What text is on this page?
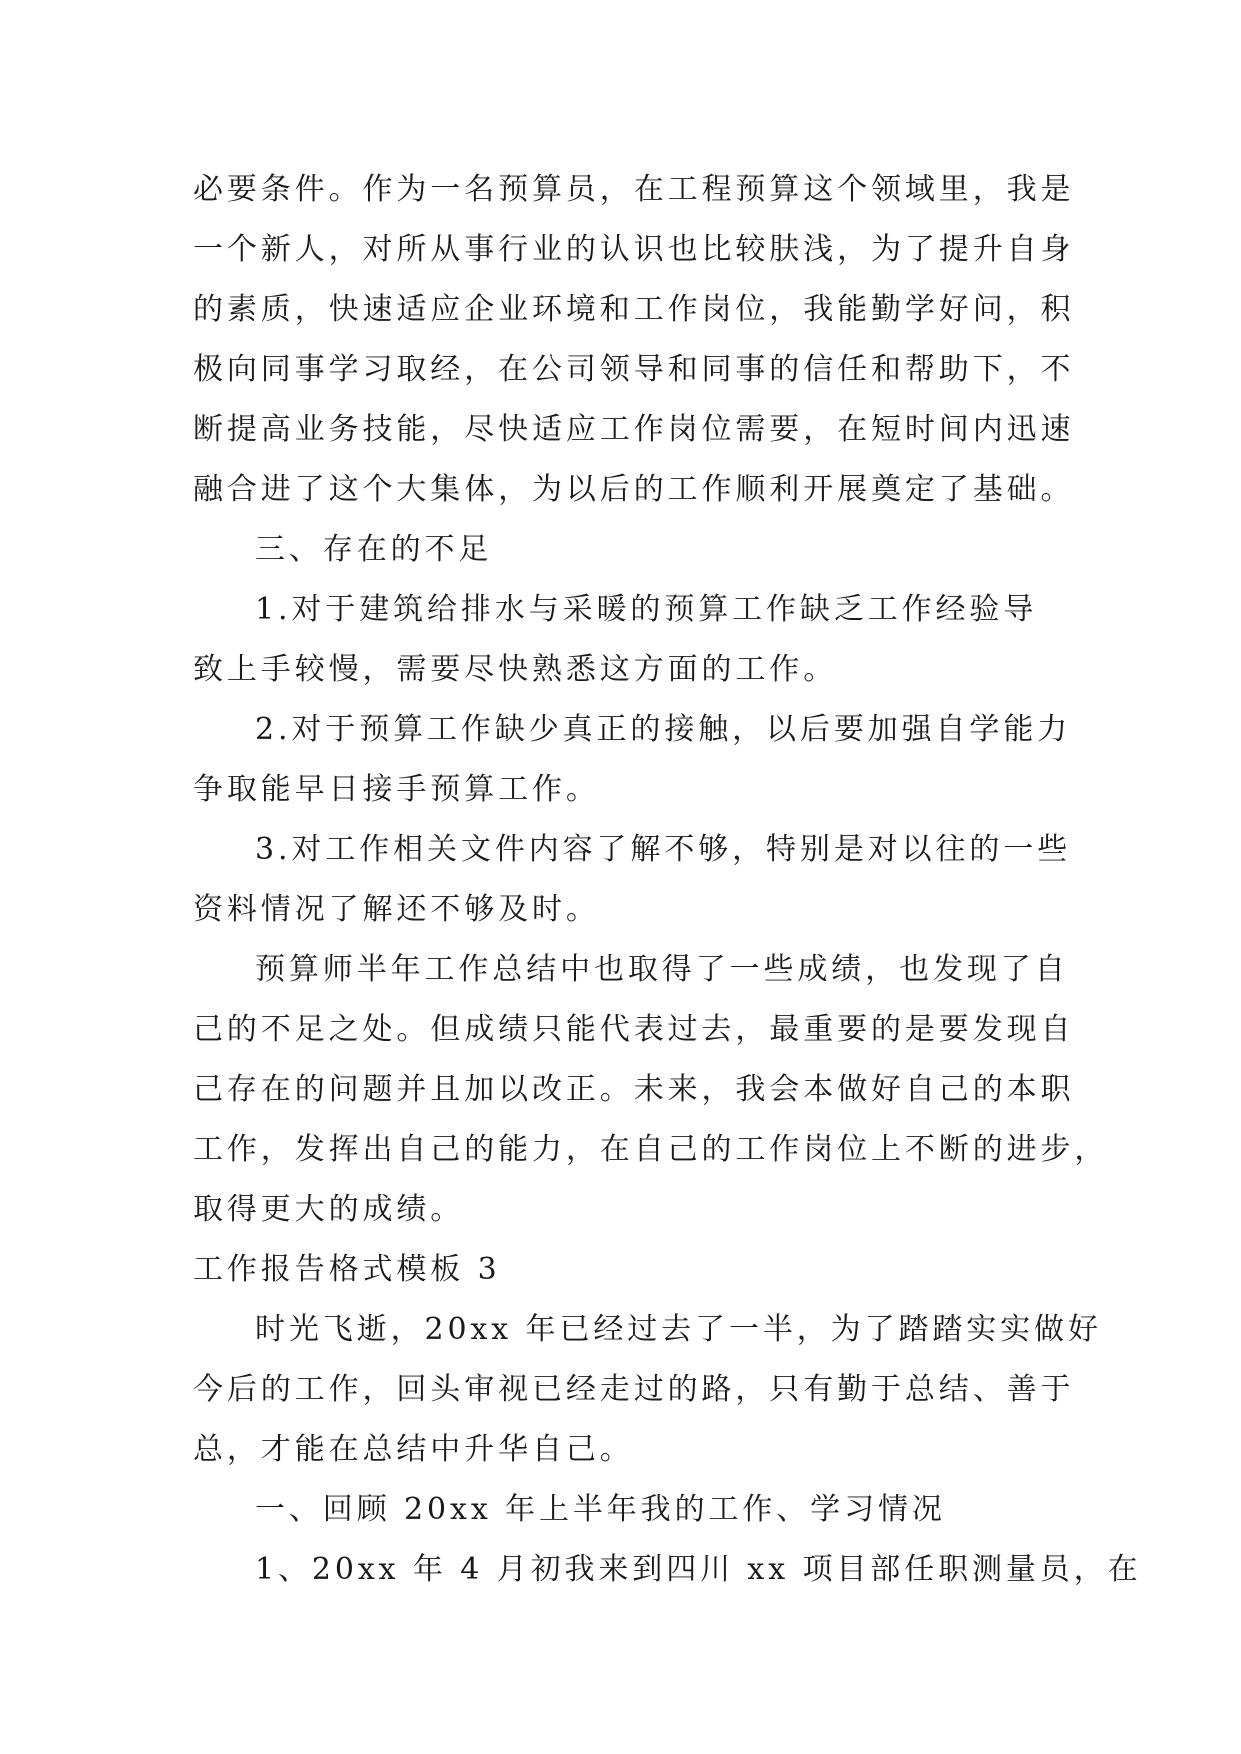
必要条件。作为一名预算员，在工程预算这个领域里，我是
一个新人，对所从事行业的认识也比较肤浅，为了提升自身
的素质，快速适应企业环境和工作岗位，我能勤学好问，积
极向同事学习取经，在公司领导和同事的信任和帮助下，不
断提高业务技能，尽快适应工作岗位需要，在短时间内迅速
融合进了这个大集体，为以后的工作顺利开展奠定了基础。
三、存在的不足
1.对于建筑给排水与采暖的预算工作缺乏工作经验导
致上手较慢，需要尽快熟悉这方面的工作。
2.对于预算工作缺少真正的接触，以后要加强自学能力
争取能早日接手预算工作。
3.对工作相关文件内容了解不够，特别是对以往的一些
资料情况了解还不够及时。
预算师半年工作总结中也取得了一些成绩，也发现了自
己的不足之处。但成绩只能代表过去，最重要的是要发现自
己存在的问题并且加以改正。未来，我会本做好自己的本职
工作，发挥出自己的能力，在自己的工作岗位上不断的进步，
取得更大的成绩。
工作报告格式模板 3
时光飞逝，20xx 年已经过去了一半，为了踏踏实实做好
今后的工作，回头审视已经走过的路，只有勤于总结、善于
总，才能在总结中升华自己。
一、回顾 20xx 年上半年我的工作、学习情况
1、20xx 年 4 月初我来到四川 xx 项目部任职测量员，在
